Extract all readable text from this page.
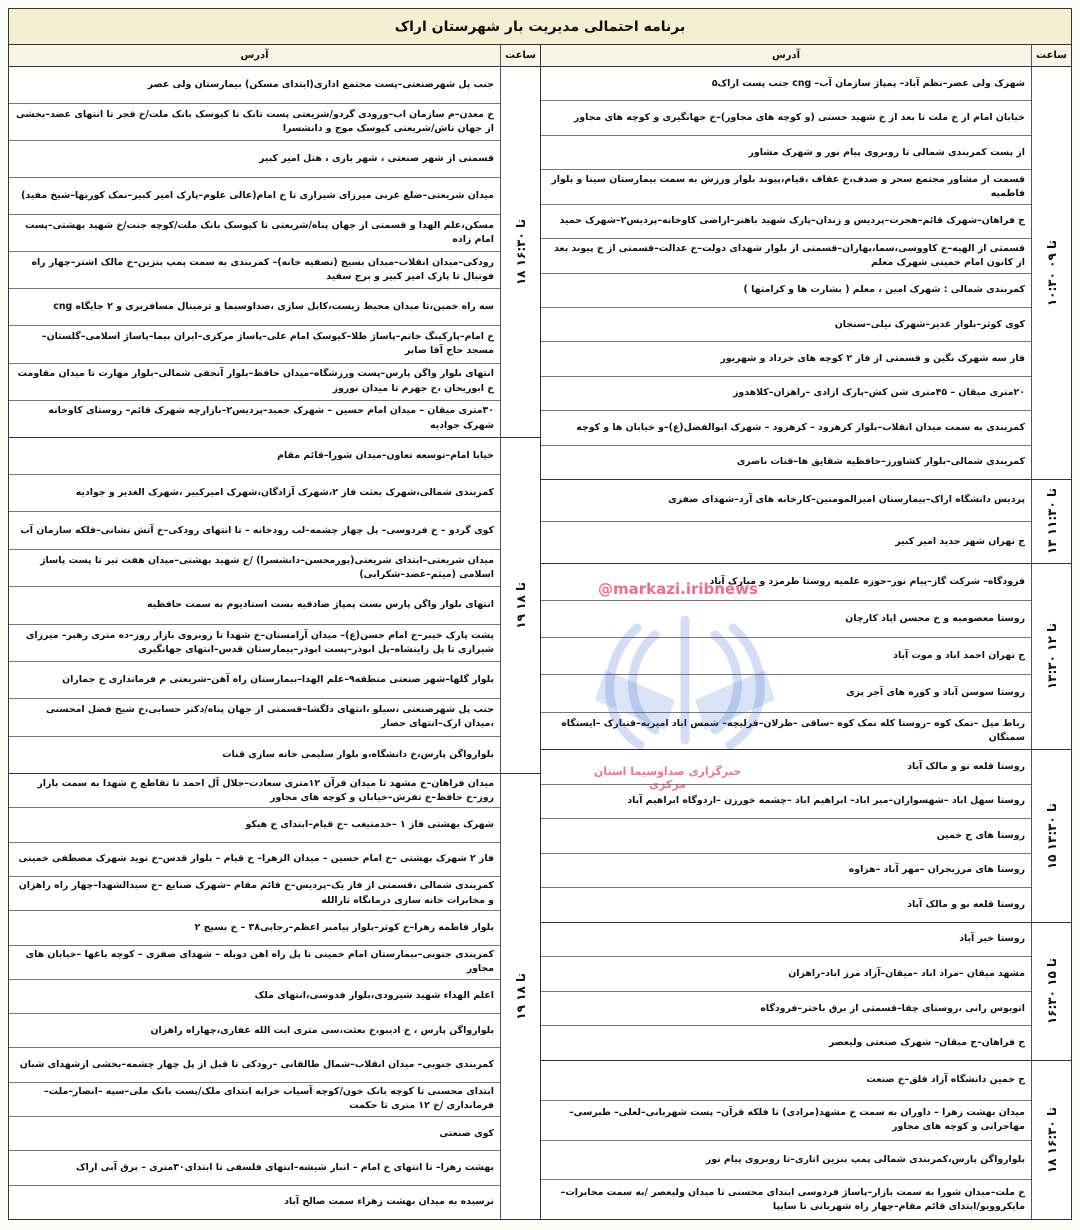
برنامه احتمالی مدیریت بار شهرستان اراک
ساعت
آدرس
۱۰:۳۰ تا ۰۹
شهرک ولی عصر–نظم آباد– پمپاژ سازمان آب– cng جنب پست اراک۵
خیابان امام از خ ملت تا بعد از خ شهید حسنی (و کوچه های مجاور)–خ جهانگیری و کوچه های مجاور
از پست کمربندی شمالی تا روبروی پیام نور و شهرک مشاور
قسمت از مشاور مجتمع سحر و صدف،خ عفاف ،قیام،پیوند بلوار ورزش به سمت بیمارستان سینا و بلوار فاطمیه
ج فراهان–شهرک قائم–هجرت–پردیس و زندان–پارک شهید باهنر–اراضی کاوخانه–پردیس۲–شهرک حمید
قسمتی از الهیه–خ کاووسی،سما،بهاران–قسمتی از بلوار شهدای دولت–خ عدالت–قسمتی از خ پیوند بعد از کانون امام خمینی شهرک معلم
کمربندی شمالی : شهرک امین ، معلم ( بشارت ها و کرامتها )
کوی کوثر–بلوار غدیر–شهرک نیلی–سنجان
فاز سه شهرک نگین و قسمتی از فاز ۲ کوچه های خرداد و شهریور
۲۰متری میقان – ۴۵متری شن کش–پارک ازادی –راهزان–کلاهدوز
کمربندی به سمت میدان انقلاب–بلوار کرهرود – کرهرود – شهرک ابوالفضل(ع)–و خیابان ها و کوچه
کمربندی شمالی–بلوار کشاورز–حافظیه شقایق ها–قنات ناصری
۱۳ تا ۱۱:۳۰
پردیس دانشگاه اراک–بیمارستان امیرالمومنین–کارخانه های آرد–شهدای صفری
ج تهران شهر جدید امیر کبیر
۱۳:۳۰ تا ۱۲
فرودگاه– شرکت گاز–پیام نور–حوزه علمیه روستا طرمزد و مبارک آباد
روستا معصومیه و خ محسن اباد کارچان
ج تهران احمد اباد و موت آباد
روستا سوسن آباد و کوره های آجر پزی
رباط میل –نمک کوه –روستا کله نمک کوه –ساقی –طرلان–فرلیچه– شمس اباد امیریه–قنبارک –ایستگاه سمنگان
۱۵ تا ۱۳:۳۰
روستا قلعه نو و مالک آباد
روستا سهل اباد –شهسواران–میر اباد– ابراهیم اباد –چشمه خورزن –اردوگاه ابراهیم آباد
روستا های ج خمین
روستا های مرزیجران –مهر آباد –هزاوه
روستا قلعه نو و مالک آباد
۱۶:۳۰ تا ۱۵
روستا خیر آباد
مشهد میقان –مراد اباد –میقان–آزاد مرز اباد–راهزان
اتوبوس رانی ،روستای چقا–قسمتی از برق باختر–فرودگاه
ج فراهان–ج میقان– شهرک صنعتی ولیعصر
۱۸ تا ۱۶:۳۰
ج خمین دانشگاه آزاد فلق–خ صنعت
میدان بهشت زهرا – داوران به سمت خ مشهد(مرادی) تا فلکه قرآن– پست شهربانی–لعلی– طبرسی–مهاجرانی و کوچه های مجاور
بلوارواگن پارس،کمربندی شمالی پمپ بنزین اتاری–تا روبروی پیام نور
خ ملت–میدان شورا به سمت بازار–پاساژ فردوسی ابتدای محسنی تا میدان ولیعصر /به سمت مخابرات–مایکروویو/ابتدای قائم مقام–چهار راه شهربانی تا سایپا
ساعت
آدرس
۱۸ تا ۱۶:۳۰
جنب پل شهرصنعتی–پست مجتمع اداری(ابتدای مسکن) بیمارستان ولی عصر
خ معدن–م سازمان اب–ورودی گردو/شریعتی پست تانک تا کیوسک بانک ملت/خ فجر تا انتهای عضد–بخشی از جهان تاش/شریعتی کیوسک موج و دانشسرا
قسمتی از شهر صنعتی ، شهر بازی ، هتل امیر کبیر
میدان شریعتی–ضلع غربی میرزای شیرازی تا خ امام(عالی علوم–پارک امیر کبیر–نمک کوریها–شیخ مفید)
مسکن،علم الهدا و قسمتی از جهان پناه/شریعتی تا کیوسک بانک ملت/کوچه جنت/خ شهید بهشتی–پست امام زاده
رودکی–میدان انقلاب–میدان بسیج (تصفیه خانه)– کمربندی به سمت پمپ بنزین–خ مالک اشتر–چهار راه فوتبال تا پارک امیر کبیر و برج سفید
سه راه خمین،تا میدان محیط زیست،کابل سازی ،صداوسیما و ترمینال مسافربری و ۲ جایگاه cng
خ امام–پارکینگ خاتم–پاساژ طلا–کیوسک امام علی–پاساژ مرکزی–ایران بیما–پاساژ اسلامی–گلستان–مسجد حاج آقا صابر
انتهای بلوار واگن پارس–پست ورزشگاه–میدان حافظ–بلوار آنجفی شمالی–بلوار مهارت تا میدان مقاومت خ ابوریحان ،خ جهرم تا میدان نوروز
۳۰متری میقان – میدان امام حسین – شهرک حمید–پردیس۲–بازارچه شهرک قائم– روستای کاوخانه شهرک جوادیه
۱۹ تا ۱۸
خیابا امام–توسعه تعاون–میدان شورا–قائم مقام
کمربندی شمالی،شهرک بعثت فاز ۲،شهرک آزادگان،شهرک امیرکبیر ،شهرک الغدیر و جوادیه
کوی گردو – خ فردوسی– پل چهار چشمه–لب رودخانه – تا انتهای رودکی–خ آتش نشانی–فلکه سازمان آب
میدان شریعتی–ابتدای شریعتی(پورمحسن–دانشسرا) /خ شهید بهشتی–میدان هفت تیر تا پست پاساژ اسلامی (میثم–عضد–شکرابی)
انتهای بلوار واگن پارس بست پمپاژ صادقیه بست استادیوم به سمت حافظیه
پشت پارک خیبر–خ امام حسن(ع)– میدان آرامستان–خ شهدا تا روبروی بازار روز–ده متری رهبر– میرزای شیرازی تا پل زاینشاه–پل ابوذر–پست ابوذر–بیمارستان قدس–انتهای جهانگیری
بلوار گلها–شهر صنعتی منطقه۹–علم الهدا–بیمارستان راه آهن–شریعتی م فرمانداری خ جماران
جنب پل شهرصنعتی ،سیلو ،انتهای دلگشا–قسمتی از جهان پناه/دکتر حسابی،خ شیخ فضل امحسنی ،میدان ارک–انتهای حصار
بلوارواگن پارس،خ دانشگاه،و بلوار سلیمی خانه سازی قنات
۱۹ تا ۱۸
میدان فراهان–خ مشهد تا میدان قرآن ۱۲متری سعادت–جلال آل احمد تا تقاطع خ شهدا به سمت بازار روز–خ حافظ–خ تفرش–خیابان و کوچه های مجاور
شهرک بهشتی فاز ۱ –خدمتیغب –خ قیام–ابتدای خ هیکو
فاز ۲ شهرک بهشتی –خ امام حسین – میدان الزهرا– خ قیام – بلوار قدس–خ نوید شهرک مصطفی خمینی
کمربندی شمالی ،قسمتی از فاز یک–پردیس–خ قائم مقام –شهرک صنایع –خ سیدالشهدا–چهار راه راهزان و مخابرات خانه سازی درمانگاه ثارالله
بلوار فاطمه زهرا–خ کوثر–بلوار پیامبر اعظم–رجایی۳۸ – خ بسیج ۲
کمربندی جنوبی–بیمارستان امام خمینی تا پل راه اهن دوبله – شهدای صفری – کوچه باغها –خیابان های مجاور
اعلم الهداء شهید شیرودی،بلوار فدوسی،انتهای ملک
بلوارواگن پارس ، خ ادیبو،خ بعثت،سی متری ابت الله غفاری،چهاراه راهزان
کمربندی جنوبی– میدان انقلاب–شمال طالقانی –رودکی تا قبل از پل چهار چشمه–بخشی ازشهدای شبان
ابتدای محسنی تا کوچه بانک خون/کوچه آسیاب خرابه ابتدای ملک/پست بانک ملی–سپه –انصار–ملت–فرمانداری /خ ۱۲ متری تا حکمت
کوی صنعتی
بهشت زهرا– تا انتهای خ امام – انبار شیشه–انتهای فلسفی تا ابتدای۳۰متری – برق آبی اراک
نرسیده به میدان بهشت زهراء سمت صالح آباد
@markazi.iribnews
خبرگزاری صداوسیما استان مرکزی
